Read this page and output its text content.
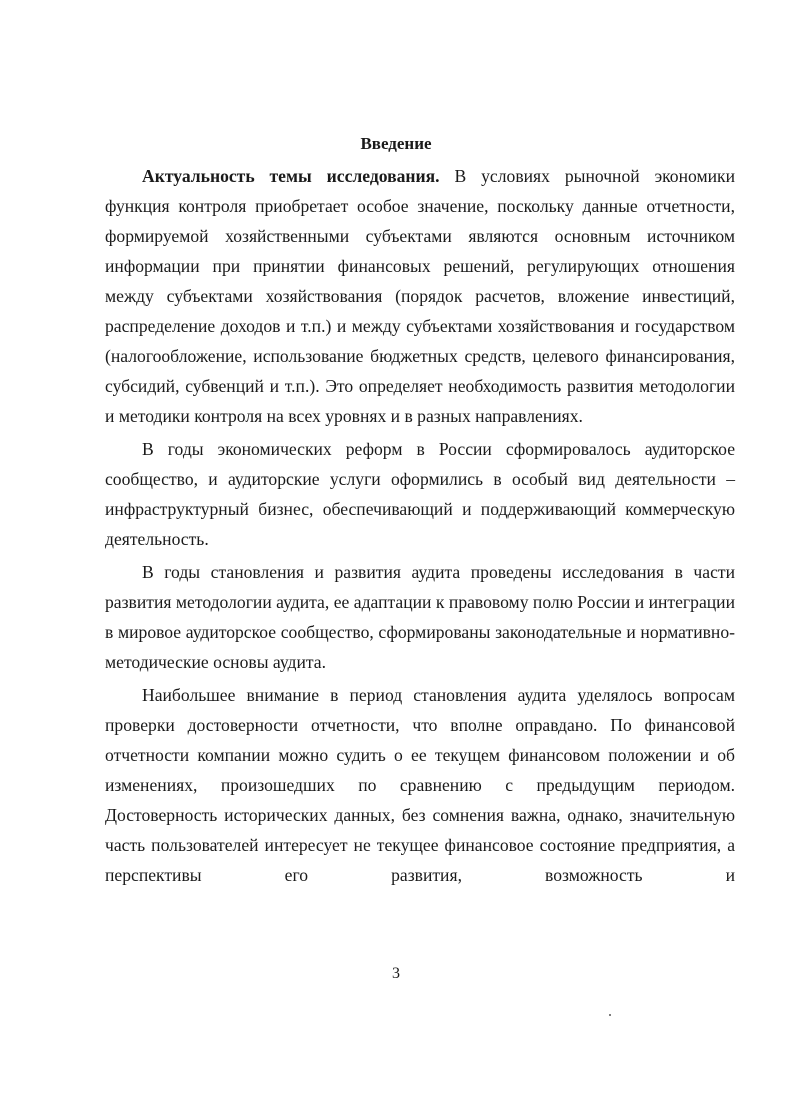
Введение

Актуальность темы исследования. В условиях рыночной экономики функция контроля приобретает особое значение, поскольку данные отчетности, формируемой хозяйственными субъектами являются основным источником информации при принятии финансовых решений, регулирующих отношения между субъектами хозяйствования (порядок расчетов, вложение инвестиций, распределение доходов и т.п.) и между субъектами хозяйствования и государством (налогообложение, использование бюджетных средств, целевого финансирования, субсидий, субвенций и т.п.). Это определяет необходимость развития методологии и методики контроля на всех уровнях и в разных направлениях.

В годы экономических реформ в России сформировалось аудиторское сообщество, и аудиторские услуги оформились в особый вид деятельности – инфраструктурный бизнес, обеспечивающий и поддерживающий коммерческую деятельность.

В годы становления и развития аудита проведены исследования в части развития методологии аудита, ее адаптации к правовому полю России и интеграции в мировое аудиторское сообщество, сформированы законодательные и нормативно-методические основы аудита.

Наибольшее внимание в период становления аудита уделялось вопросам проверки достоверности отчетности, что вполне оправдано. По финансовой отчетности компании можно судить о ее текущем финансовом положении и об изменениях, произошедших по сравнению с предыдущим периодом. Достоверность исторических данных, без сомнения важна, однако, значительную часть пользователей интересует не текущее финансовое состояние предприятия, а перспективы его развития, возможность и

3
